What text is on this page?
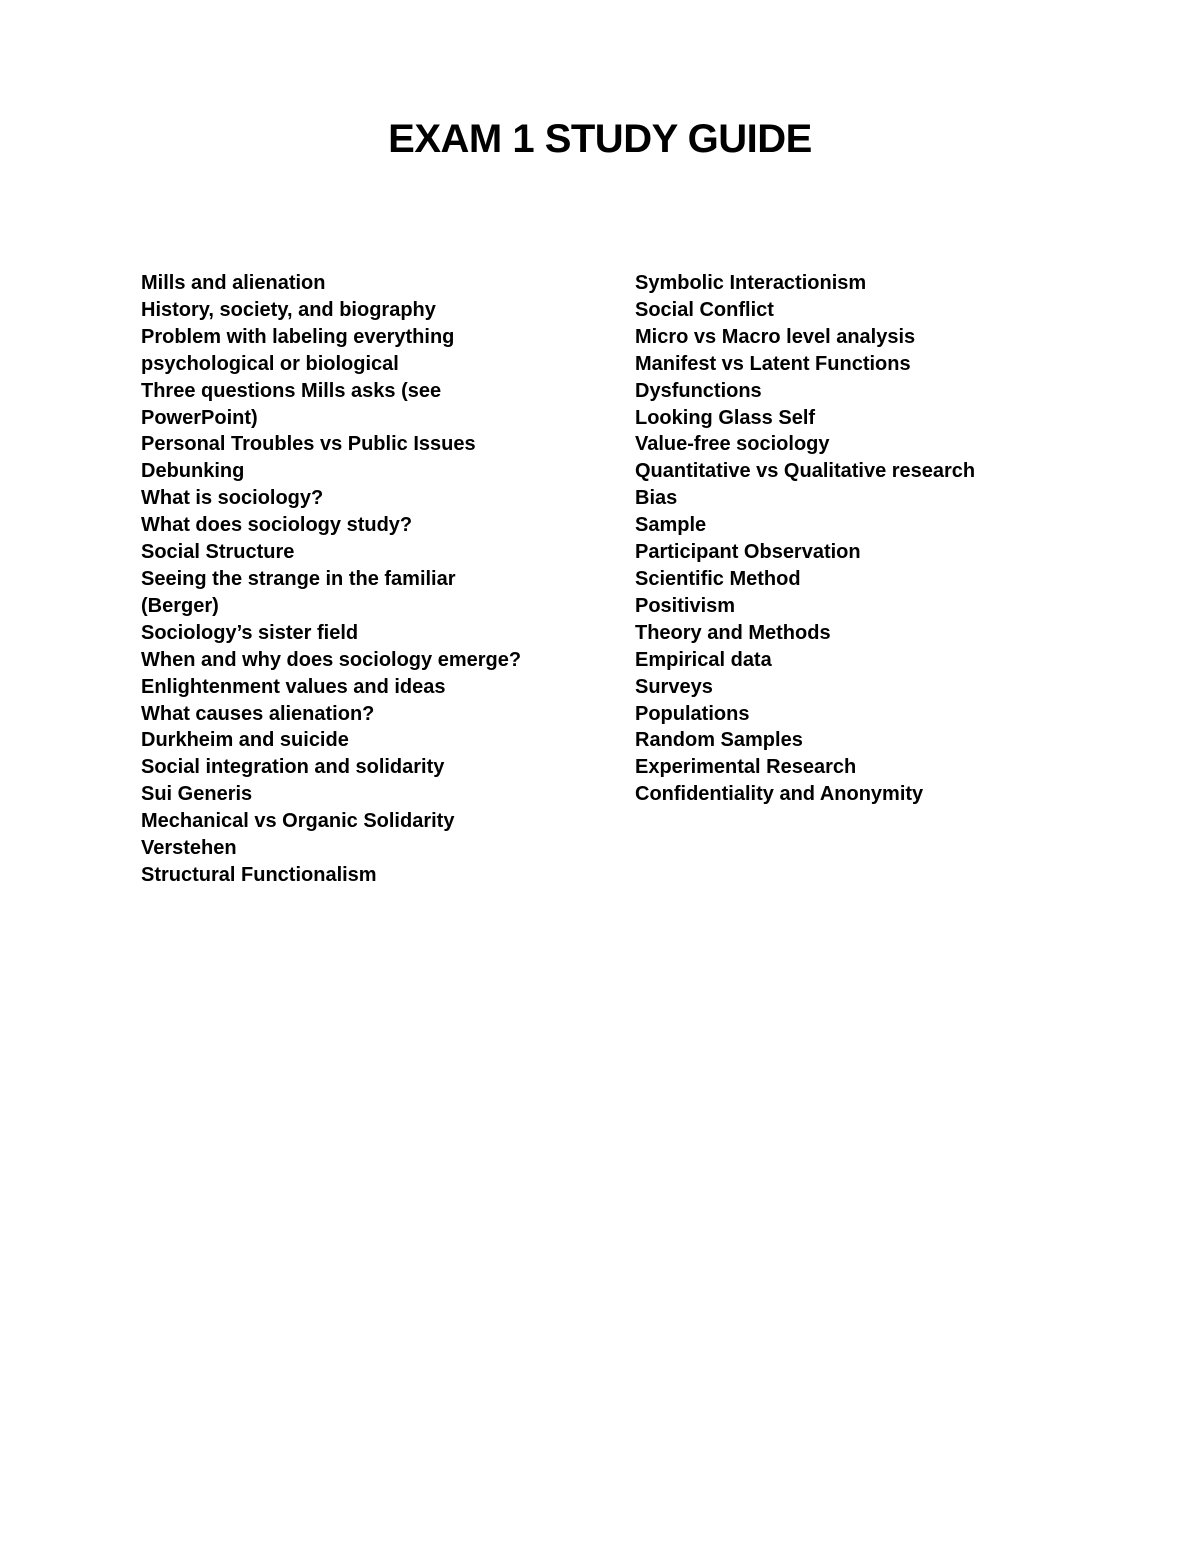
EXAM 1 STUDY GUIDE
Mills and alienation
History, society, and biography
Problem with labeling everything
psychological or biological
Three questions Mills asks (see
PowerPoint)
Personal Troubles vs Public Issues
Debunking
What is sociology?
What does sociology study?
Social Structure
Seeing the strange in the familiar
(Berger)
Sociology’s sister field
When and why does sociology emerge?
Enlightenment values and ideas
What causes alienation?
Durkheim and suicide
Social integration and solidarity
Sui Generis
Mechanical vs Organic Solidarity
Verstehen
Structural Functionalism
Symbolic Interactionism
Social Conflict
Micro vs Macro level analysis
Manifest vs Latent Functions
Dysfunctions
Looking Glass Self
Value-free sociology
Quantitative vs Qualitative research
Bias
Sample
Participant Observation
Scientific Method
Positivism
Theory and Methods
Empirical data
Surveys
Populations
Random Samples
Experimental Research
Confidentiality and Anonymity
